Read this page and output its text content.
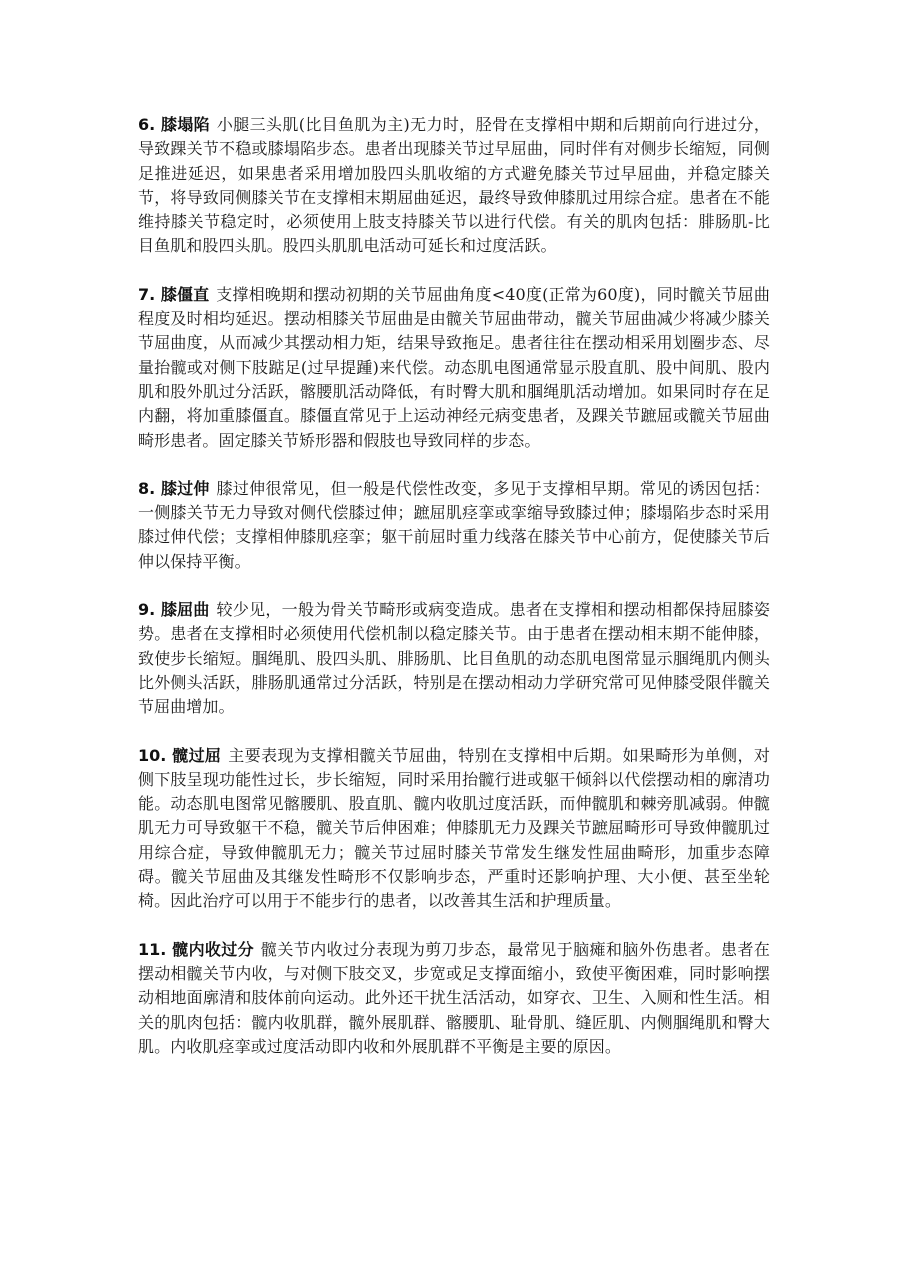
6. 膝塌陷 小腿三头肌(比目鱼肌为主)无力时，胫骨在支撑相中期和后期前向行进过分，导致踝关节不稳或膝塌陷步态。患者出现膝关节过早屈曲，同时伴有对侧步长缩短，同侧足推进延迟，如果患者采用增加股四头肌收缩的方式避免膝关节过早屈曲，并稳定膝关节，将导致同侧膝关节在支撑相末期屈曲延迟，最终导致伸膝肌过用综合症。患者在不能维持膝关节稳定时，必须使用上肢支持膝关节以进行代偿。有关的肌肉包括：腓肠肌-比目鱼肌和股四头肌。股四头肌肌电活动可延长和过度活跃。

7. 膝僵直 支撑相晚期和摆动初期的关节屈曲角度<40度(正常为60度)，同时髋关节屈曲程度及时相均延迟。摆动相膝关节屈曲是由髋关节屈曲带动，髋关节屈曲减少将减少膝关节屈曲度，从而减少其摆动相力矩，结果导致拖足。患者往往在摆动相采用划圈步态、尽量抬髋或对侧下肢踮足(过早提踵)来代偿。动态肌电图通常显示股直肌、股中间肌、股内肌和股外肌过分活跃，髂腰肌活动降低，有时臀大肌和腘绳肌活动增加。如果同时存在足内翻，将加重膝僵直。膝僵直常见于上运动神经元病变患者，及踝关节蹠屈或髋关节屈曲畸形患者。固定膝关节矫形器和假肢也导致同样的步态。

8. 膝过伸 膝过伸很常见，但一般是代偿性改变，多见于支撑相早期。常见的诱因包括：一侧膝关节无力导致对侧代偿膝过伸；蹠屈肌痉挛或挛缩导致膝过伸；膝塌陷步态时采用膝过伸代偿；支撑相伸膝肌痉挛；躯干前屈时重力线落在膝关节中心前方，促使膝关节后伸以保持平衡。

9. 膝屈曲 较少见，一般为骨关节畸形或病变造成。患者在支撑相和摆动相都保持屈膝姿势。患者在支撑相时必须使用代偿机制以稳定膝关节。由于患者在摆动相末期不能伸膝，致使步长缩短。腘绳肌、股四头肌、腓肠肌、比目鱼肌的动态肌电图常显示腘绳肌内侧头比外侧头活跃，腓肠肌通常过分活跃，特别是在摆动相动力学研究常可见伸膝受限伴髋关节屈曲增加。

10. 髋过屈 主要表现为支撑相髋关节屈曲，特别在支撑相中后期。如果畸形为单侧，对侧下肢呈现功能性过长，步长缩短，同时采用抬髋行进或躯干倾斜以代偿摆动相的廓清功能。动态肌电图常见髂腰肌、股直肌、髋内收肌过度活跃，而伸髋肌和棘旁肌减弱。伸髋肌无力可导致躯干不稳，髋关节后伸困难；伸膝肌无力及踝关节蹠屈畸形可导致伸髋肌过用综合症，导致伸髋肌无力；髋关节过屈时膝关节常发生继发性屈曲畸形，加重步态障碍。髋关节屈曲及其继发性畸形不仅影响步态，严重时还影响护理、大小便、甚至坐轮椅。因此治疗可以用于不能步行的患者，以改善其生活和护理质量。

11. 髋内收过分 髋关节内收过分表现为剪刀步态，最常见于脑瘫和脑外伤患者。患者在摆动相髋关节内收，与对侧下肢交叉，步宽或足支撑面缩小，致使平衡困难，同时影响摆动相地面廓清和肢体前向运动。此外还干扰生活活动，如穿衣、卫生、入厕和性生活。相关的肌肉包括：髋内收肌群，髋外展肌群、髂腰肌、耻骨肌、缝匠肌、内侧腘绳肌和臀大肌。内收肌痉挛或过度活动即内收和外展肌群不平衡是主要的原因。
